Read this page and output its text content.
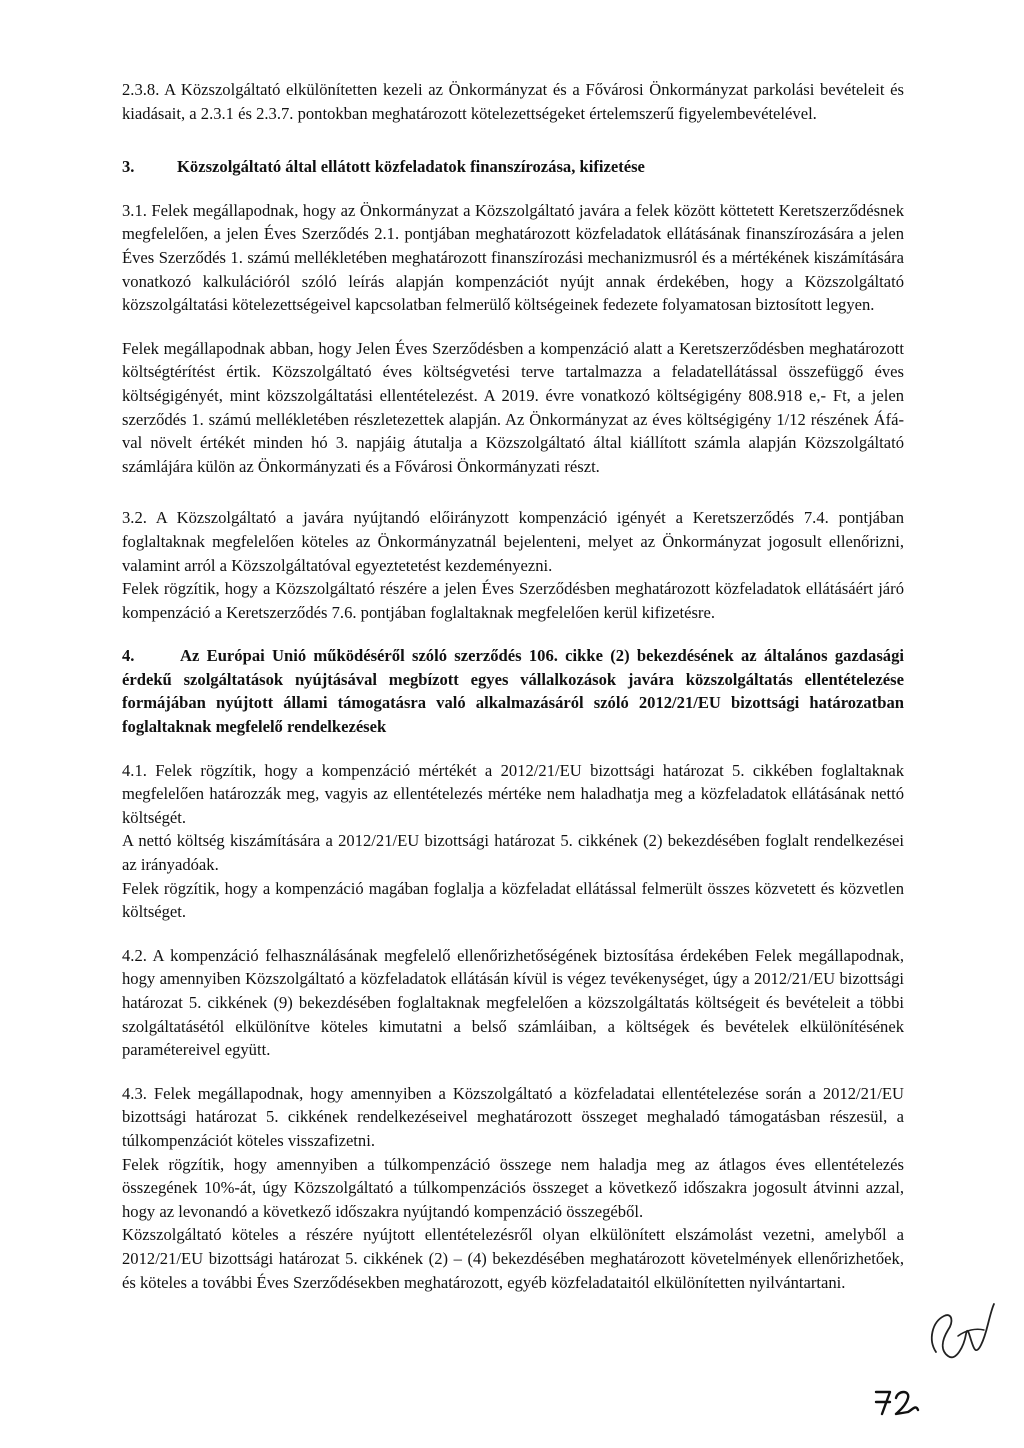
2.3.8. A Közszolgáltató elkülönítetten kezeli az Önkormányzat és a Fővárosi Önkormányzat parkolási bevételeit és kiadásait, a 2.3.1 és 2.3.7. pontokban meghatározott kötelezettségeket értelemszerű figyelembevételével.

3.	Közszolgáltató által ellátott közfeladatok finanszírozása, kifizetése

3.1. Felek megállapodnak, hogy az Önkormányzat a Közszolgáltató javára a felek között köttetett Keretszerződésnek megfelelően, a jelen Éves Szerződés 2.1. pontjában meghatározott közfeladatok ellátásának finanszírozására a jelen Éves Szerződés 1. számú mellékletében meghatározott finanszírozási mechanizmusról és a mértékének kiszámítására vonatkozó kalkulációról szóló leírás alapján kompenzációt nyújt annak érdekében, hogy a Közszolgáltató közszolgáltatási kötelezettségeivel kapcsolatban felmerülő költségeinek fedezete folyamatosan biztosított legyen.

Felek megállapodnak abban, hogy Jelen Éves Szerződésben a kompenzáció alatt a Keretszerződésben meghatározott költségtérítést értik. Közszolgáltató éves költségvetési terve tartalmazza a feladatellátással összefüggő éves költségigényét, mint közszolgáltatási ellentételezést. A 2019. évre vonatkozó költségigény 808.918 e,- Ft, a jelen szerződés 1. számú mellékletében részletezettek alapján. Az Önkormányzat az éves költségigény 1/12 részének Áfá-val növelt értékét minden hó 3. napjáig átutalja a Közszolgáltató által kiállított számla alapján Közszolgáltató számlájára külön az Önkormányzati és a Fővárosi Önkormányzati részt.

3.2. A Közszolgáltató a javára nyújtandó előirányzott kompenzáció igényét a Keretszerződés 7.4. pontjában foglaltaknak megfelelően köteles az Önkormányzatnál bejelenteni, melyet az Önkormányzat jogosult ellenőrizni, valamint arról a Közszolgáltatóval egyeztetetést kezdeményezni.

Felek rögzítik, hogy a Közszolgáltató részére a jelen Éves Szerződésben meghatározott közfeladatok ellátásáért járó kompenzáció a Keretszerződés 7.6. pontjában foglaltaknak megfelelően kerül kifizetésre.

4.	Az Európai Unió működéséről szóló szerződés 106. cikke (2) bekezdésének az általános gazdasági érdekű szolgáltatások nyújtásával megbízott egyes vállalkozások javára közszolgáltatás ellentételezése formájában nyújtott állami támogatásra való alkalmazásáról szóló 2012/21/EU bizottsági határozatban foglaltaknak megfelelő rendelkezések

4.1. Felek rögzítik, hogy a kompenzáció mértékét a 2012/21/EU bizottsági határozat 5. cikkében foglaltaknak megfelelően határozzák meg, vagyis az ellentételezés mértéke nem haladhatja meg a közfeladatok ellátásának nettó költségét.

A nettó költség kiszámítására a 2012/21/EU bizottsági határozat 5. cikkének (2) bekezdésében foglalt rendelkezései az irányadóak.

Felek rögzítik, hogy a kompenzáció magában foglalja a közfeladat ellátással felmerült összes közvetett és közvetlen költséget.

4.2. A kompenzáció felhasználásának megfelelő ellenőrizhetőségének biztosítása érdekében Felek megállapodnak, hogy amennyiben Közszolgáltató a közfeladatok ellátásán kívül is végez tevékenységet, úgy a 2012/21/EU bizottsági határozat 5. cikkének (9) bekezdésében foglaltaknak megfelelően a közszolgáltatás költségeit és bevételeit a többi szolgáltatásétól elkülönítve köteles kimutatni a belső számláiban, a költségek és bevételek elkülönítésének paramétereivel együtt.

4.3. Felek megállapodnak, hogy amennyiben a Közszolgáltató a közfeladatai ellentételezése során a 2012/21/EU bizottsági határozat 5. cikkének rendelkezéseivel meghatározott összeget meghaladó támogatásban részesül, a túlkompenzációt köteles visszafizetni.

Felek rögzítik, hogy amennyiben a túlkompenzáció összege nem haladja meg az átlagos éves ellentételezés összegének 10%-át, úgy Közszolgáltató a túlkompenzációs összeget a következő időszakra jogosult átvinni azzal, hogy az levonandó a következő időszakra nyújtandó kompenzáció összegéből.

Közszolgáltató köteles a részére nyújtott ellentételezésről olyan elkülönített elszámolást vezetni, amelyből a 2012/21/EU bizottsági határozat 5. cikkének (2) – (4) bekezdésében meghatározott követelmények ellenőrizhetőek, és köteles a további Éves Szerződésekben meghatározott, egyéb közfeladataitól elkülönítetten nyilvántartani.
